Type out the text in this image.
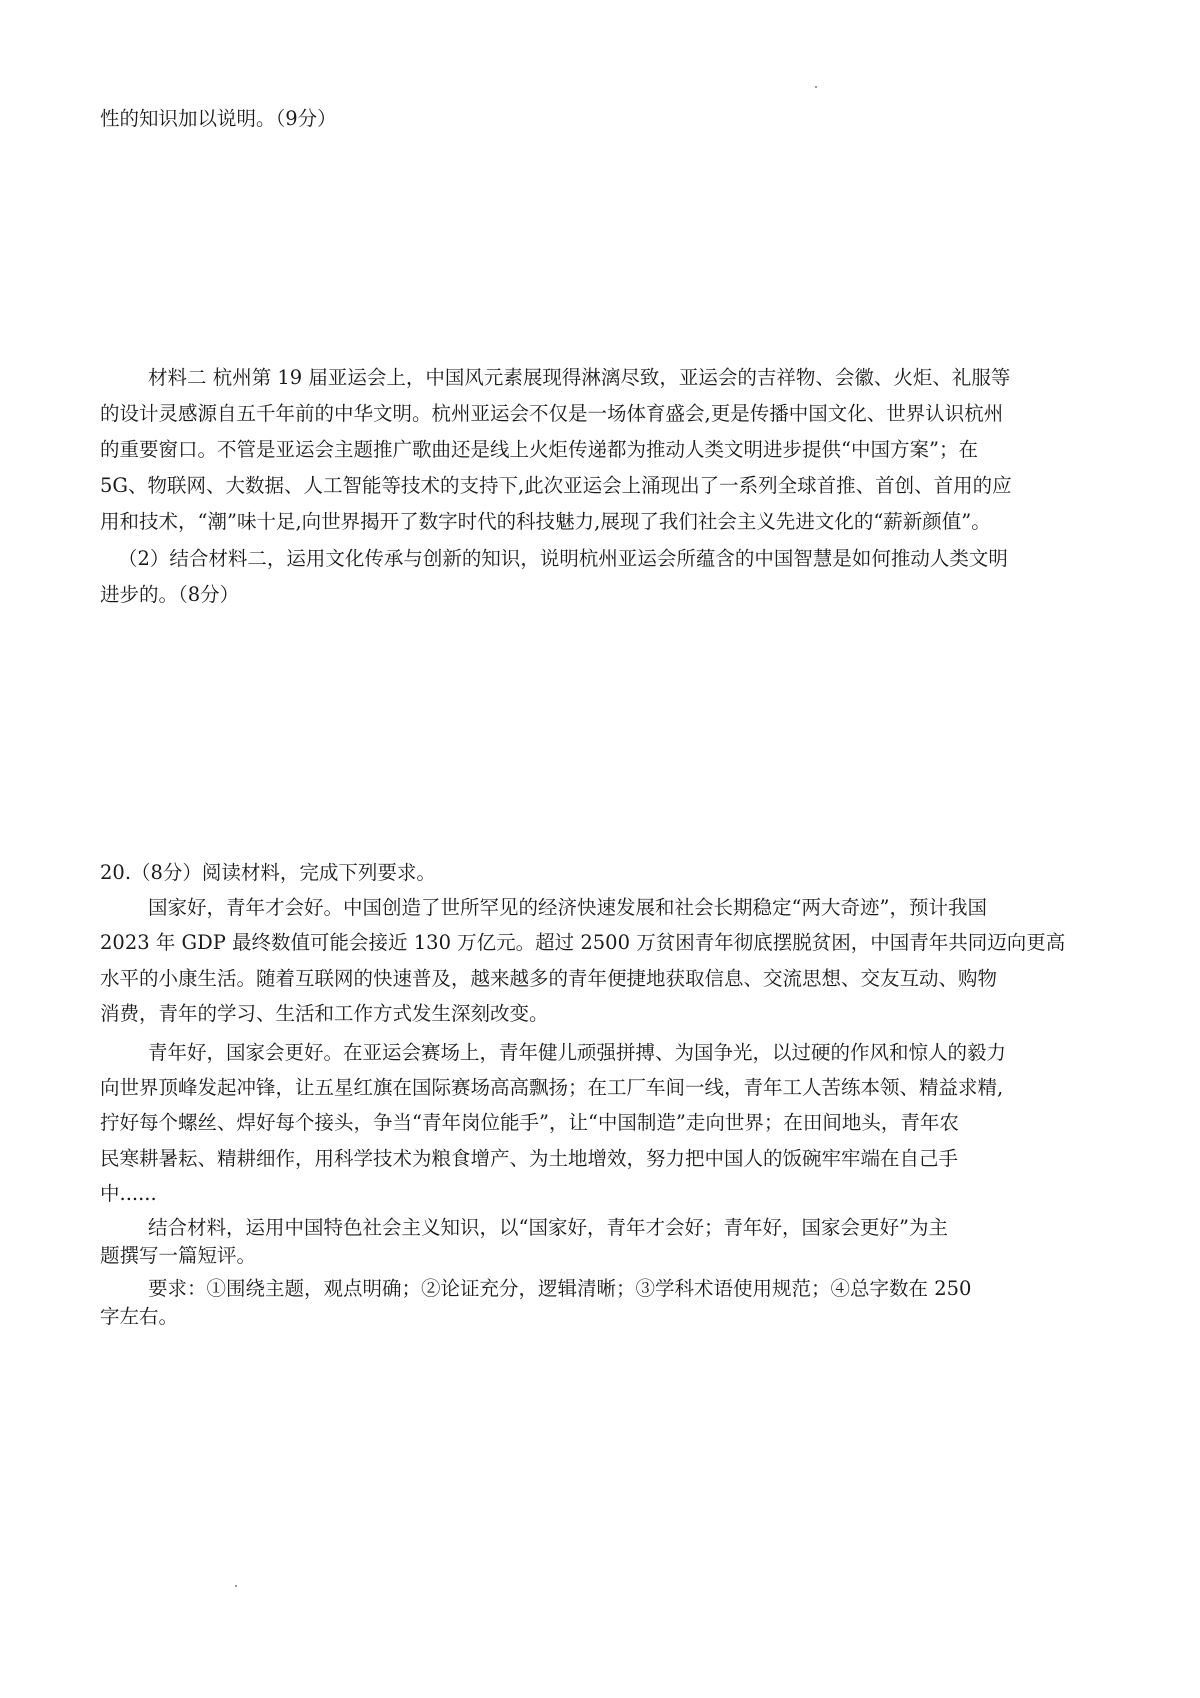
性的知识加以说明。（9分）
材料二 杭州第 19 届亚运会上，中国风元素展现得淋漓尽致，亚运会的吉祥物、会徽、火炬、礼服等
的设计灵感源自五千年前的中华文明。杭州亚运会不仅是一场体育盛会,更是传播中国文化、世界认识杭州
的重要窗口。不管是亚运会主题推广歌曲还是线上火炬传递都为推动人类文明进步提供“中国方案”；在
5G、物联网、大数据、人工智能等技术的支持下,此次亚运会上涌现出了一系列全球首推、首创、首用的应
用和技术，“潮”味十足,向世界揭开了数字时代的科技魅力,展现了我们社会主义先进文化的“薪新颜值”。
（2）结合材料二，运用文化传承与创新的知识，说明杭州亚运会所蕴含的中国智慧是如何推动人类文明
进步的。（8分）
20.（8分）阅读材料，完成下列要求。
国家好，青年才会好。中国创造了世所罕见的经济快速发展和社会长期稳定“两大奇迹”，预计我国
2023 年 GDP 最终数值可能会接近 130 万亿元。超过 2500 万贫困青年彻底摆脱贫困，中国青年共同迈向更高
水平的小康生活。随着互联网的快速普及，越来越多的青年便捷地获取信息、交流思想、交友互动、购物
消费，青年的学习、生活和工作方式发生深刻改变。
青年好，国家会更好。在亚运会赛场上，青年健儿顽强拼搏、为国争光，以过硬的作风和惊人的毅力
向世界顶峰发起冲锋，让五星红旗在国际赛场高高飘扬；在工厂车间一线，青年工人苦练本领、精益求精,
拧好每个螺丝、焊好每个接头，争当“青年岗位能手”，让“中国制造”走向世界；在田间地头，青年农
民寒耕暑耘、精耕细作，用科学技术为粮食增产、为土地增效，努力把中国人的饭碗牢牢端在自己手
中......
结合材料，运用中国特色社会主义知识，以“国家好，青年才会好；青年好，国家会更好”为主
题撰写一篇短评。
要求：①围绕主题，观点明确；②论证充分，逻辑清晰；③学科术语使用规范；④总字数在 250
字左右。
